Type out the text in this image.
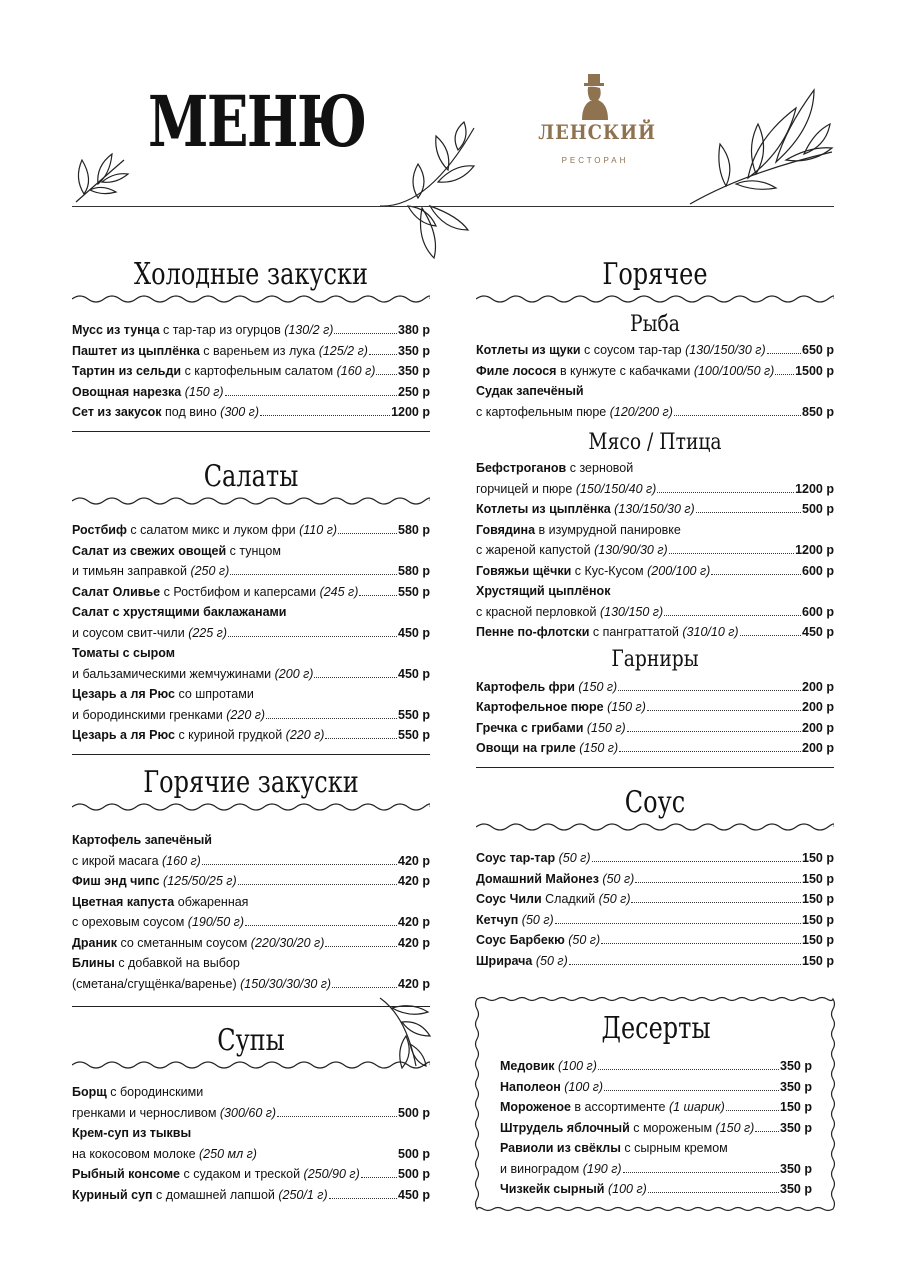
МЕНЮ	ЛЕНСКИЙ
РЕСТОРАН
Холодные закуски
Мусс из тунца с тар-тар из огурцов (130/2 г)	380 р
Паштет из цыплёнка с вареньем из лука (125/2 г) 350 р
Тартин из сельди с картофельным салатом (160 г) 350 р
Овощная нарезка (150 г)	250 р
Сет из закусок под вино (300 г)	1200 р
Салаты
Ростбиф с салатом микс и луком фри (110 г)	580 р
Салат из свежих овощей с тунцом
и тимьян заправкой (250 г)	580 р
Салат Оливье с Ростбифом и каперсами (245 г)	550 р
Салат с хрустящими баклажанами
и соусом свит-чили (225 г)	450 р
Томаты с сыром
и бальзамическими жемчужинами (200 г)	450 р
Цезарь а ля Рюс со шпротами
и бородинскими гренками (220 г)	550 р
Цезарь а ля Рюс с куриной грудкой (220 г)	550 р
Горячие закуски
Картофель запечёный
с икрой масага (160 г)	420 р
Фиш энд чипс (125/50/25 г)	420 р
Цветная капуста обжаренная
с ореховым соусом (190/50 г)	420 р
Драник со сметанным соусом (220/30/20 г)	420 р
Блины с добавкой на выбор
(сметана/сгущёнка/варенье) (150/30/30/30 г)	420 р
Супы
Борщ с бородинскими
гренками и черносливом (300/60 г)	500 р
Крем-суп из тыквы
на кокосовом молоке (250 мл г)	500 р
Рыбный консоме с судаком и треской (250/90 г)	500 р
Куриный суп с домашней лапшой (250/1 г)	450 р
Горячее
Рыба
Котлеты из щуки с соусом тар-тар (130/150/30 г)	650 р
Филе лосося в кунжуте с кабачками (100/100/50 г) 1500 р
Судак запечёный
с картофельным пюре (120/200 г)	850 р
Мясо / Птица
Бефстроганов с зерновой
горчицей и пюре (150/150/40 г)	1200 р
Котлеты из цыплёнка (130/150/30 г)	500 р
Говядина в изумрудной панировке
с жареной капустой (130/90/30 г)	1200 р
Говяжьи щёчки с Кус-Кусом (200/100 г)	600 р
Хрустящий цыплёнок
с красной перловкой (130/150 г)	600 р
Пенне по-флотски с панграттатой (310/10 г)	450 р
Гарниры
Картофель фри (150 г)	200 р
Картофельное пюре (150 г)	200 р
Гречка с грибами (150 г)	200 р
Овощи на гриле (150 г)	200 р
Соус
Соус тар-тар (50 г)	150 р
Домашний Майонез (50 г)	150 р
Соус Чили Сладкий (50 г)	150 р
Кетчуп (50 г)	150 р
Соус Барбекю (50 г)	150 р
Шрирача (50 г)	150 р
Десерты
Медовик (100 г)	350 р
Наполеон (100 г)	350 р
Мороженое в ассортименте (1 шарик)	150 р
Штрудель яблочный с мороженым (150 г) 350 р
Равиоли из свёклы с сырным кремом
и виноградом (190 г)	350 р
Чизкейк сырный (100 г)	350 р
